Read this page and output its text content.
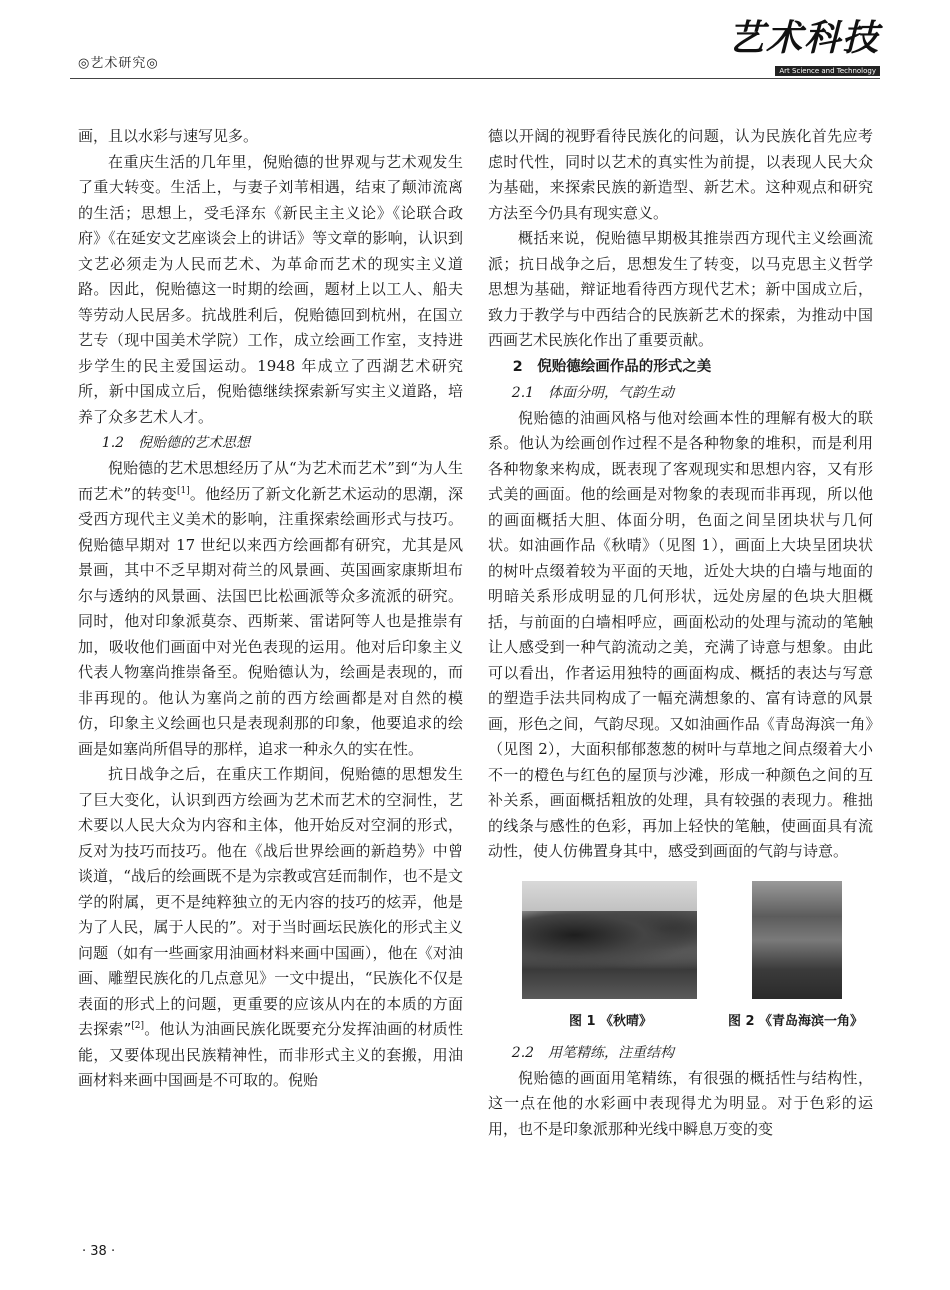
◎艺术研究◎
艺术科技
Art Science and Technology

画，且以水彩与速写见多。

在重庆生活的几年里，倪贻德的世界观与艺术观发生了重大转变。生活上，与妻子刘苇相遇，结束了颠沛流离的生活；思想上，受毛泽东《新民主主义论》《论联合政府》《在延安文艺座谈会上的讲话》等文章的影响，认识到文艺必须走为人民而艺术、为革命而艺术的现实主义道路。因此，倪贻德这一时期的绘画，题材上以工人、船夫等劳动人民居多。抗战胜利后，倪贻德回到杭州，在国立艺专（现中国美术学院）工作，成立绘画工作室，支持进步学生的民主爱国运动。1948 年成立了西湖艺术研究所，新中国成立后，倪贻德继续探索新写实主义道路，培养了众多艺术人才。

1.2　倪贻德的艺术思想

倪贻德的艺术思想经历了从“为艺术而艺术”到“为人生而艺术”的转变[1]。他经历了新文化新艺术运动的思潮，深受西方现代主义美术的影响，注重探索绘画形式与技巧。倪贻德早期对 17 世纪以来西方绘画都有研究，尤其是风景画，其中不乏早期对荷兰的风景画、英国画家康斯坦布尔与透纳的风景画、法国巴比松画派等众多流派的研究。同时，他对印象派莫奈、西斯莱、雷诺阿等人也是推崇有加，吸收他们画面中对光色表现的运用。他对后印象主义代表人物塞尚推崇备至。倪贻德认为，绘画是表现的，而非再现的。他认为塞尚之前的西方绘画都是对自然的模仿，印象主义绘画也只是表现刹那的印象，他要追求的绘画是如塞尚所倡导的那样，追求一种永久的实在性。

抗日战争之后，在重庆工作期间，倪贻德的思想发生了巨大变化，认识到西方绘画为艺术而艺术的空洞性，艺术要以人民大众为内容和主体，他开始反对空洞的形式，反对为技巧而技巧。他在《战后世界绘画的新趋势》中曾谈道，“战后的绘画既不是为宗教或宫廷而制作，也不是文学的附属，更不是纯粹独立的无内容的技巧的炫弄，他是为了人民，属于人民的”。对于当时画坛民族化的形式主义问题（如有一些画家用油画材料来画中国画），他在《对油画、雕塑民族化的几点意见》一文中提出，“民族化不仅是表面的形式上的问题，更重要的应该从内在的本质的方面去探索”[2]。他认为油画民族化既要充分发挥油画的材质性能，又要体现出民族精神性，而非形式主义的套搬，用油画材料来画中国画是不可取的。倪贻

德以开阔的视野看待民族化的问题，认为民族化首先应考虑时代性，同时以艺术的真实性为前提，以表现人民大众为基础，来探索民族的新造型、新艺术。这种观点和研究方法至今仍具有现实意义。

概括来说，倪贻德早期极其推崇西方现代主义绘画流派；抗日战争之后，思想发生了转变，以马克思主义哲学思想为基础，辩证地看待西方现代艺术；新中国成立后，致力于教学与中西结合的民族新艺术的探索，为推动中国西画艺术民族化作出了重要贡献。

2　倪贻德绘画作品的形式之美
2.1　体面分明，气韵生动

倪贻德的油画风格与他对绘画本性的理解有极大的联系。他认为绘画创作过程不是各种物象的堆积，而是利用各种物象来构成，既表现了客观现实和思想内容，又有形式美的画面。他的绘画是对物象的表现而非再现，所以他的画面概括大胆、体面分明，色面之间呈团块状与几何状。如油画作品《秋晴》（见图 1），画面上大块呈团块状的树叶点缀着较为平面的天地，近处大块的白墙与地面的明暗关系形成明显的几何形状，远处房屋的色块大胆概括，与前面的白墙相呼应，画面松动的处理与流动的笔触让人感受到一种气韵流动之美，充满了诗意与想象。由此可以看出，作者运用独特的画面构成、概括的表达与写意的塑造手法共同构成了一幅充满想象的、富有诗意的风景画，形色之间，气韵尽现。又如油画作品《青岛海滨一角》（见图 2），大面积郁郁葱葱的树叶与草地之间点缀着大小不一的橙色与红色的屋顶与沙滩，形成一种颜色之间的互补关系，画面概括粗放的处理，具有较强的表现力。稚拙的线条与感性的色彩，再加上轻快的笔触，使画面具有流动性，使人仿佛置身其中，感受到画面的气韵与诗意。

图 1 《秋晴》	图 2 《青岛海滨一角》
2.2　用笔精练，注重结构

倪贻德的画面用笔精练，有很强的概括性与结构性，这一点在他的水彩画中表现得尤为明显。对于色彩的运用，也不是印象派那种光线中瞬息万变的变

· 38 ·
